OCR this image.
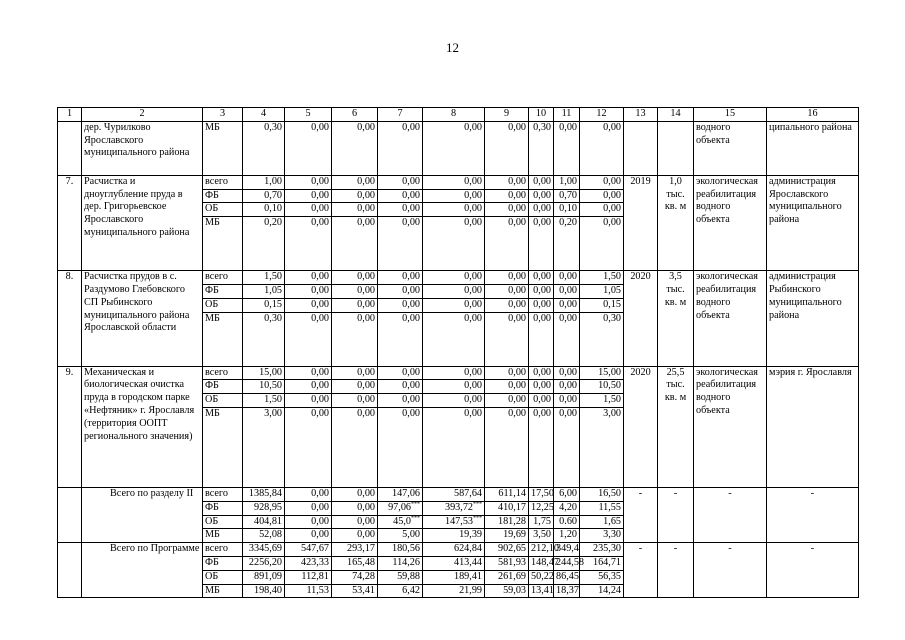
12
1	2	3	4	5	6	7	8	9	10	11	12	13	14	15	16
	дер. Чурилково Ярославского муниципального района	МБ	0,30	0,00	0,00	0,00	0,00	0,00	0,30	0,00	0,00			водного объекта	ципального района
7.	Расчистка и дноуглубление пруда в дер. Григорьевское Ярославского муниципального района	всего	1,00	0,00	0,00	0,00	0,00	0,00	0,00	1,00	0,00	2019	1,0 тыс. кв. м	экологическая реабилитация водного объекта	администрация Ярославского муниципального района
		ФБ	0,70	0,00	0,00	0,00	0,00	0,00	0,00	0,70	0,00				
		ОБ	0,10	0,00	0,00	0,00	0,00	0,00	0,00	0,10	0,00				
		МБ	0,20	0,00	0,00	0,00	0,00	0,00	0,00	0,20	0,00				
8.	Расчистка прудов в с. Раздумово Глебовского СП Рыбинского муниципального района Ярославской области	всего	1,50	0,00	0,00	0,00	0,00	0,00	0,00	0,00	1,50	2020	3,5 тыс. кв. м	экологическая реабилитация водного объекта	администрация Рыбинского муниципального района
		ФБ	1,05	0,00	0,00	0,00	0,00	0,00	0,00	0,00	1,05				
		ОБ	0,15	0,00	0,00	0,00	0,00	0,00	0,00	0,00	0,15				
		МБ	0,30	0,00	0,00	0,00	0,00	0,00	0,00	0,00	0,30				
9.	Механическая и биологическая очистка пруда в городском парке «Нефтяник» г. Ярославля (территория ООПТ регионального значения)	всего	15,00	0,00	0,00	0,00	0,00	0,00	0,00	0,00	15,00	2020	25,5 тыс. кв. м	экологическая реабилитация водного объекта	мэрия г. Ярославля
		ФБ	10,50	0,00	0,00	0,00	0,00	0,00	0,00	0,00	10,50				
		ОБ	1,50	0,00	0,00	0,00	0,00	0,00	0,00	0,00	1,50				
		МБ	3,00	0,00	0,00	0,00	0,00	0,00	0,00	0,00	3,00				
	Всего по разделу II	всего	1385,84	0,00	0,00	147,06	587,64	611,14	17,50	6,00	16,50	-	-	-	-
		ФБ	928,95	0,00	0,00	97,06***	393,72***	410,17	12,25	4,20	11,55				
		ОБ	404,81	0,00	0,00	45,0***	147,53***	181,28	1,75	0.60	1,65				
		МБ	52,08	0,00	0,00	5,00	19,39	19,69	3,50	1,20	3,30				
	Всего по Программе	всего	3345,69	547,67	293,17	180,56	624,84	902,65	212,10	349,4	235,30	-	-	-	-
		ФБ	2256,20	423,33	165,48	114,26	413,44	581,93	148,47	244,58	164,71				
		ОБ	891,09	112,81	74,28	59,88	189,41	261,69	50,22	86,45	56,35				
		МБ	198,40	11,53	53,41	6,42	21,99	59,03	13,41	18,37	14,24				
